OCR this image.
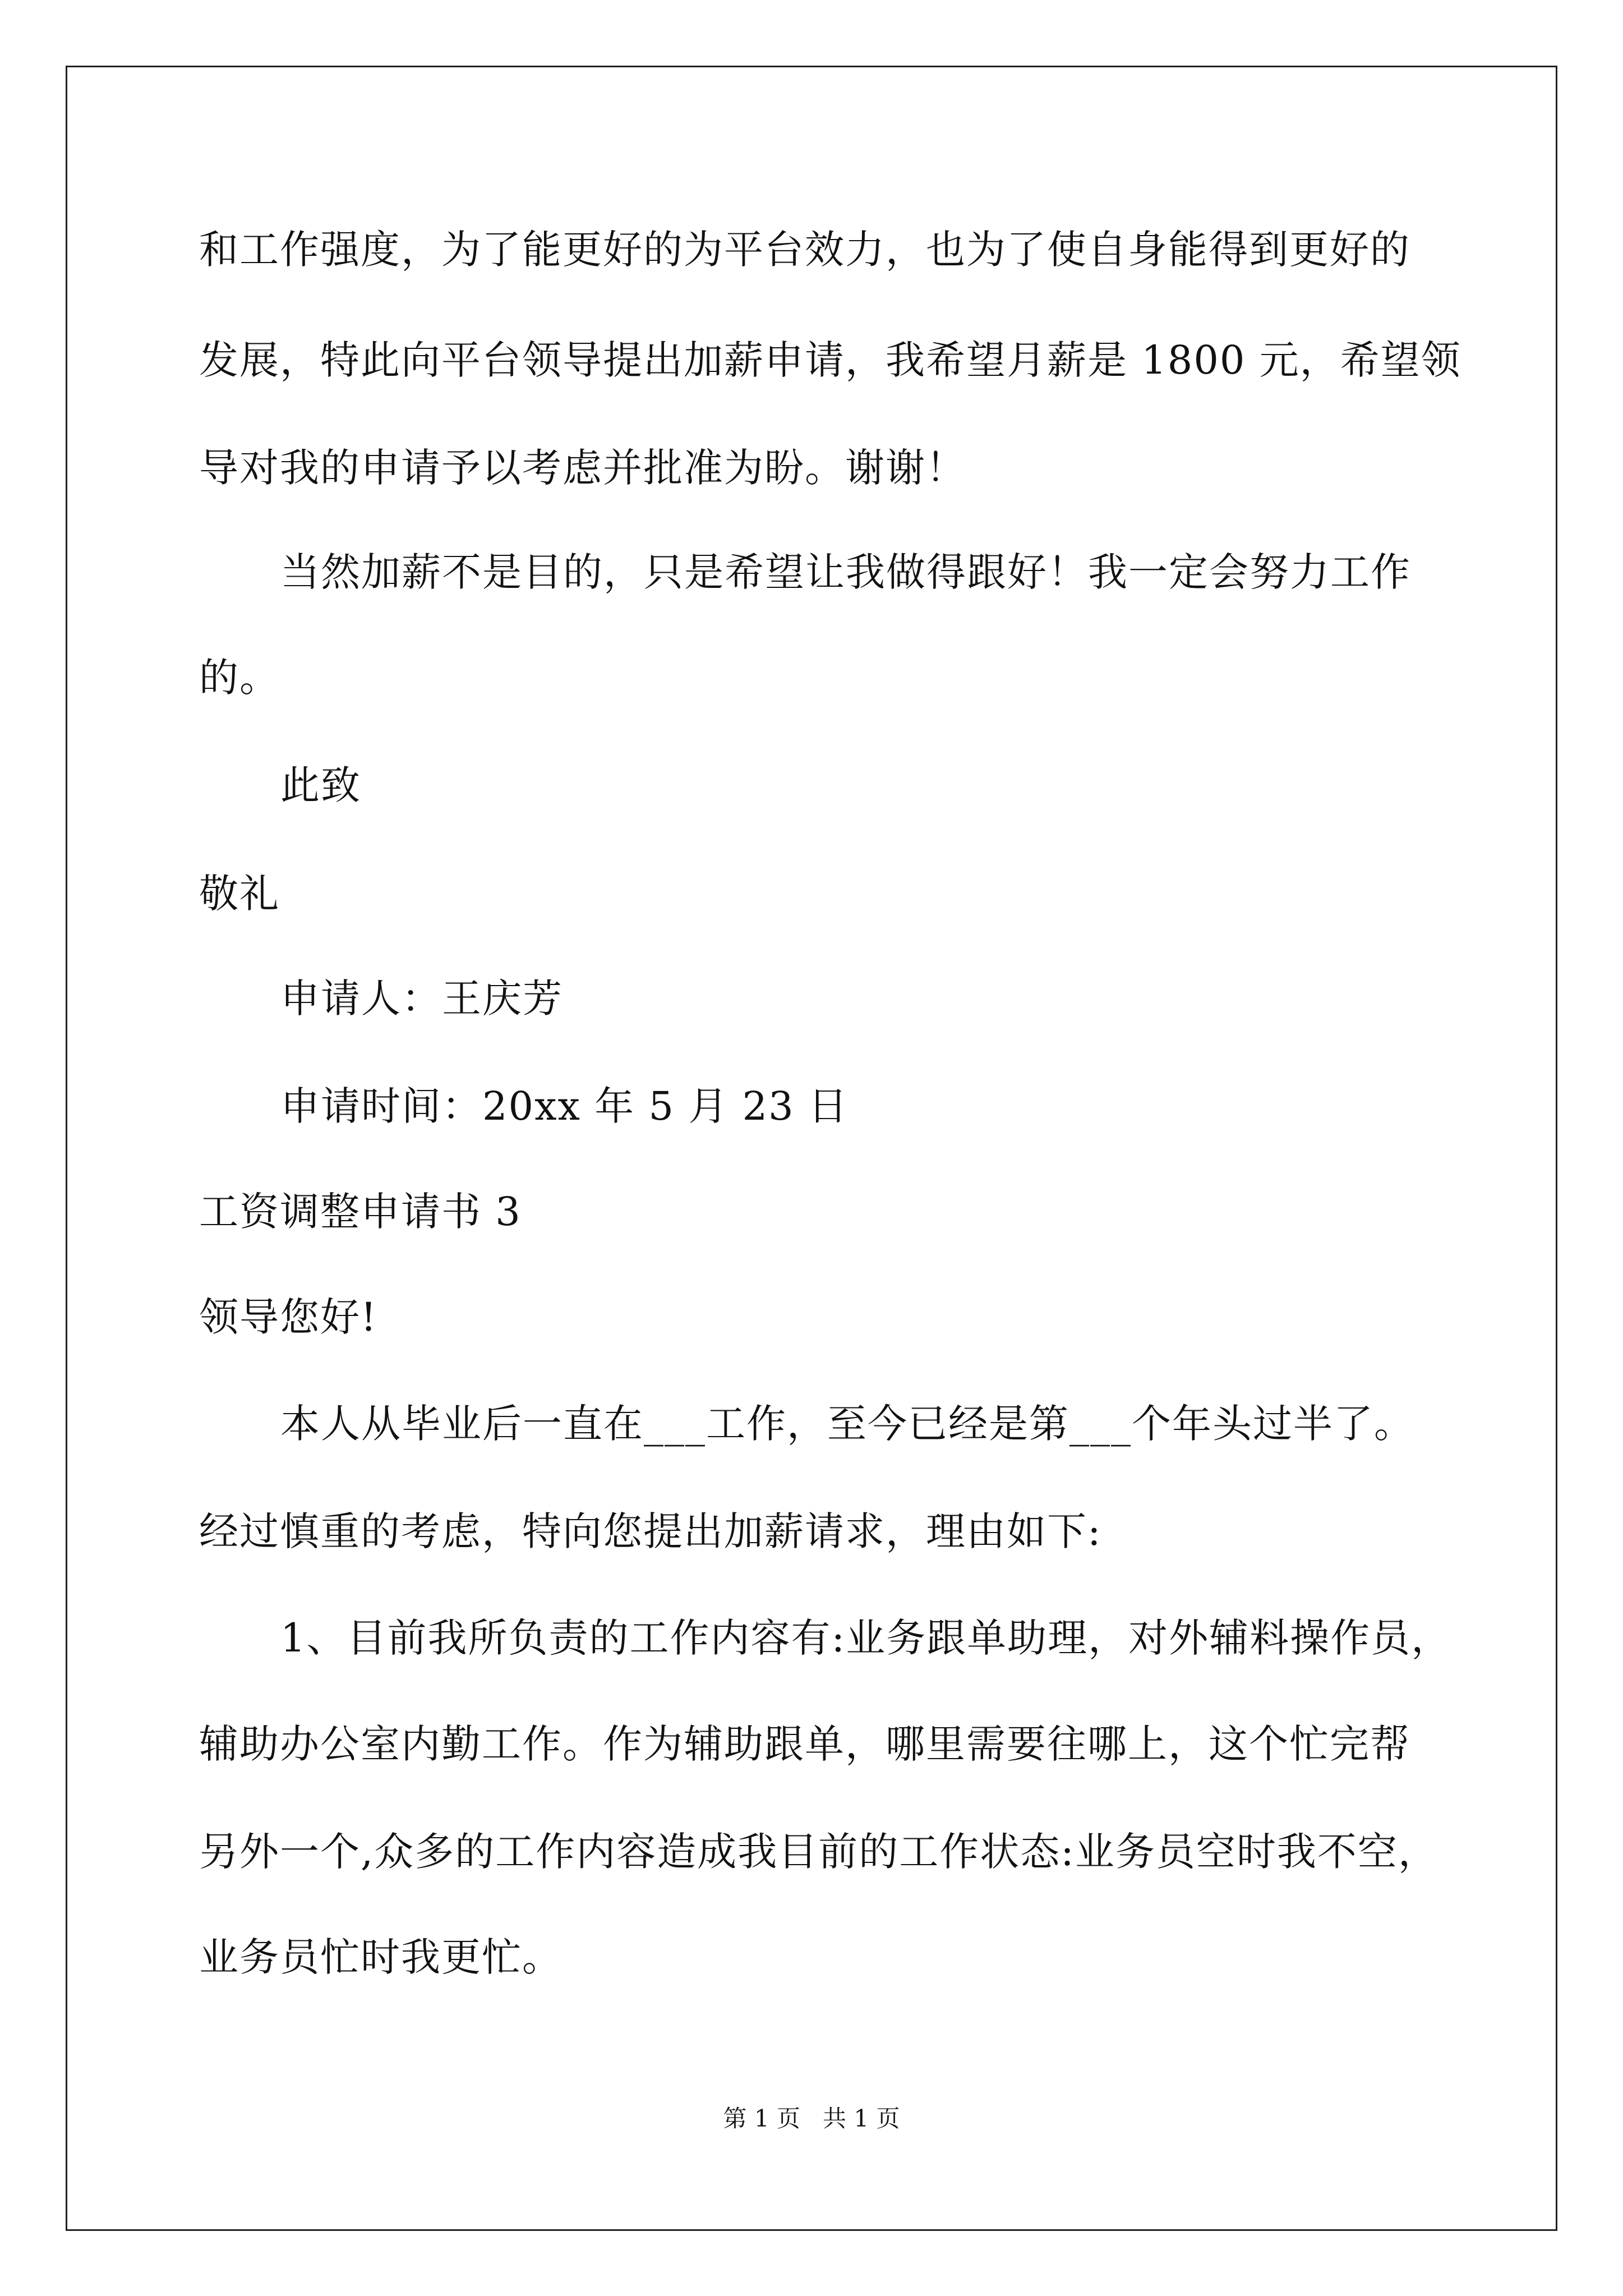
和工作强度，为了能更好的为平台效力，也为了使自身能得到更好的
发展，特此向平台领导提出加薪申请，我希望月薪是 1800 元，希望领
导对我的申请予以考虑并批准为盼。谢谢！
当然加薪不是目的，只是希望让我做得跟好！我一定会努力工作
的。
此致
敬礼
申请人：王庆芳
申请时间：20xx 年 5 月 23 日
工资调整申请书 3
领导您好!
本人从毕业后一直在___工作，至今已经是第___个年头过半了。
经过慎重的考虑，特向您提出加薪请求，理由如下:
1、目前我所负责的工作内容有:业务跟单助理，对外辅料操作员，
辅助办公室内勤工作。作为辅助跟单，哪里需要往哪上，这个忙完帮
另外一个,众多的工作内容造成我目前的工作状态:业务员空时我不空，
业务员忙时我更忙。
第 1 页   共 1 页
